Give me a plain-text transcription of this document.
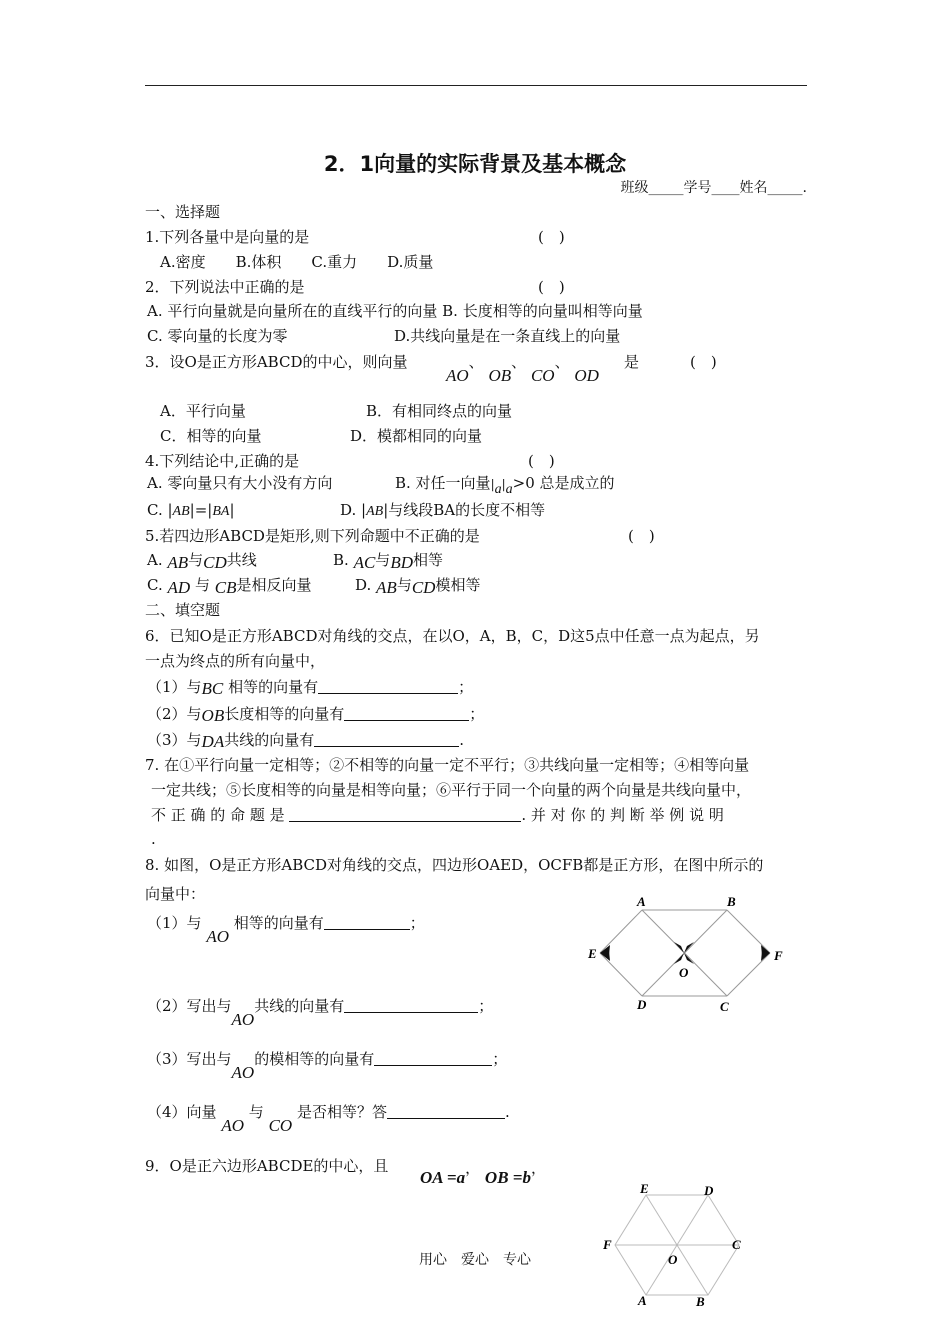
2．1向量的实际背景及基本概念
班级_____学号____姓名_____.
一、选择题
1.下列各量中是向量的是	(　)
A.密度　　B.体积　　C.重力　　D.质量
2．下列说法中正确的是	(　)
A. 平行向量就是向量所在的直线平行的向量 B. 长度相等的向量叫相等向量
C. 零向量的长度为零	D.共线向量是在一条直线上的向量
3．设O是正方形ABCD的中心，则向量
AO、 OB、 CO、 OD
是	(　)
A．平行向量	B．有相同终点的向量
C．相等的向量	D．模都相同的向量
4.下列结论中,正确的是	(　)
A. 零向量只有大小没有方向	B. 对任一向量|a|a>0 总是成立的
C. |AB|=|BA|	D. |AB|与线段BA的长度不相等
5.若四边形ABCD是矩形,则下列命题中不正确的是	(　)
A. AB与CD共线	B. AC与BD相等
C. AD 与 CB是相反向量	D. AB与CD模相等
二、填空题
6．已知O是正方形ABCD对角线的交点，在以O，A，B，C，D这5点中任意一点为起点，另
一点为终点的所有向量中，
（1）与BC 相等的向量有	；
（2）与OB长度相等的向量有	；
（3）与DA共线的向量有	.
7. 在①平行向量一定相等；②不相等的向量一定不平行；③共线向量一定相等；④相等向量
一定共线；⑤长度相等的向量是相等向量；⑥平行于同一个向量的两个向量是共线向量中，
不 正 确 的 命 题 是	. 并 对 你 的 判 断 举 例 说 明
.
8. 如图，O是正方形ABCD对角线的交点，四边形OAED，OCFB都是正方形，在图中所示的
向量中：
（1）与 AO 相等的向量有	；
（2）写出与AO共线的向量有	；
（3）写出与AO的模相等的向量有	；
（4）向量 AO 与 CO 是否相等？答	.
A	B
E	F
O
D	C
9．O是正六边形ABCDE的中心，且
OA =a， OB =b，
E	D
F	C
O
A	B
用心　爱心　专心
